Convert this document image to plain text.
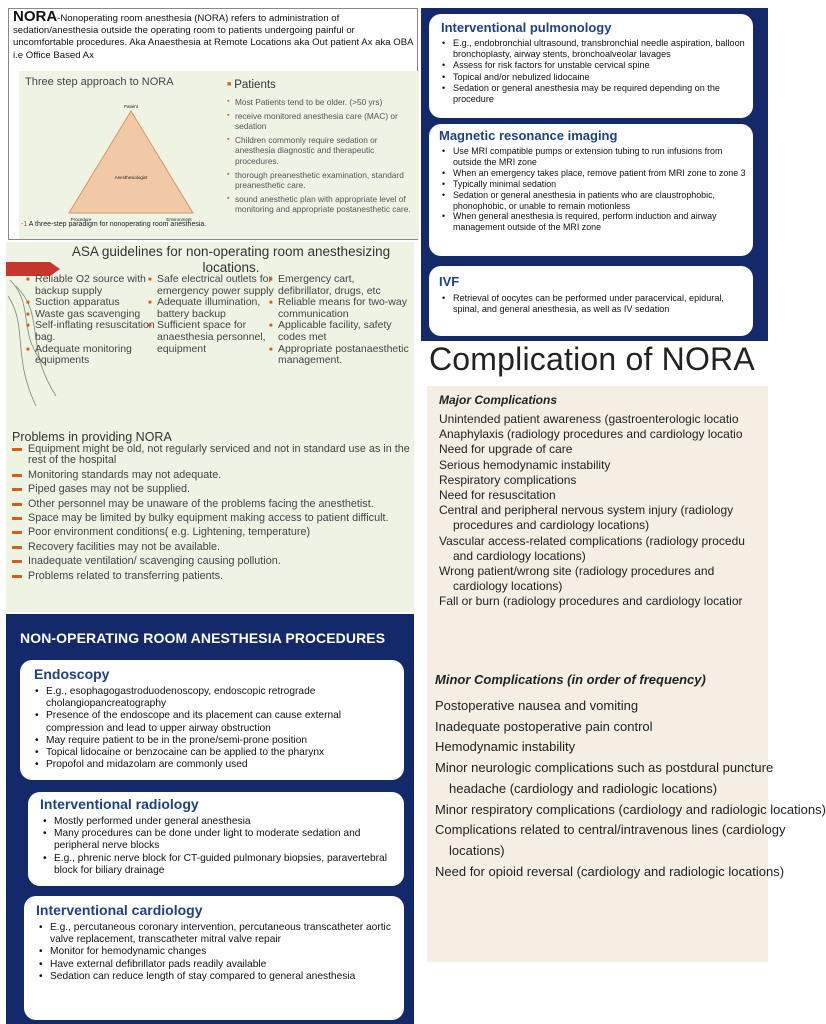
NORA-Nonoperating room anesthesia (NORA) refers to administration of sedation/anesthesia outside the operating room to patients undergoing painful or uncomfortable procedures. Aka Anaesthesia at Remote Locations aka Out patient Ax aka OBA i.e Office Based Ax
Three step approach to NORA
Patient
Anesthesiologist
Procedure	Environment
■ Patients
▪ Most Patients tend to be older. (>50 yrs)
▪ receive monitored anesthesia care (MAC) or sedation
▪ Children commonly require sedation or anesthesia diagnostic and therapeutic procedures.
▪ thorough preanesthetic examination, standard preanesthetic care.
▪ sound anesthetic plan with appropriate level of monitoring and appropriate postanesthetic care.
-1 A three-step paradigm for nonoperating room anesthesia.
ASA guidelines for non-operating room anesthesizing locations.
■ Reliable O2 source with backup supply
■ Suction apparatus
■ Waste gas scavenging
■ Self-inflating resuscitation bag.
■ Adequate monitoring equipments
■ Safe electrical outlets for emergency power supply
■ Adequate illumination, battery backup
■ Sufficient space for anaesthesia personnel, equipment
■ Emergency cart, defibrillator, drugs, etc
■ Reliable means for two-way communication
■ Applicable facility, safety codes met
■ Appropriate postanaesthetic management.
Problems in providing NORA
▬ Equipment might be old, not regularly serviced and not in standard use as in the rest of the hospital
▬ Monitoring standards may not adequate.
▬ Piped gases may not be supplied.
▬ Other personnel may be unaware of the problems facing the anesthetist.
▬ Space may be limited by bulky equipment making access to patient difficult.
▬ Poor environment conditions( e.g. Lightening, temperature)
▬ Recovery facilities may not be available.
▬ Inadequate ventilation/ scavenging causing pollution.
▬ Problems related to transferring patients.
NON-OPERATING ROOM ANESTHESIA PROCEDURES
Endoscopy
• E.g., esophagogastroduodenoscopy, endoscopic retrograde cholangiopancreatography
• Presence of the endoscope and its placement can cause external compression and lead to upper airway obstruction
• May require patient to be in the prone/semi-prone position
• Topical lidocaine or benzocaine can be applied to the pharynx
• Propofol and midazolam are commonly used
Interventional radiology
• Mostly performed under general anesthesia
• Many procedures can be done under light to moderate sedation and peripheral nerve blocks
• E.g., phrenic nerve block for CT-guided pulmonary biopsies, paravertebral block for biliary drainage
Interventional cardiology
• E.g., percutaneous coronary intervention, percutaneous transcatheter aortic valve replacement, transcatheter mitral valve repair
• Monitor for hemodynamic changes
• Have external defibrillator pads readily available
• Sedation can reduce length of stay compared to general anesthesia
Interventional pulmonology
• E.g., endobronchial ultrasound, transbronchial needle aspiration, balloon bronchoplasty, airway stents, bronchoalveolar lavages
• Assess for risk factors for unstable cervical spine
• Topical and/or nebulized lidocaine
• Sedation or general anesthesia may be required depending on the procedure
Magnetic resonance imaging
• Use MRI compatible pumps or extension tubing to run infusions from outside the MRI zone
• When an emergency takes place, remove patient from MRI zone to zone 3
• Typically minimal sedation
• Sedation or general anesthesia in patients who are claustrophobic, phonophobic, or unable to remain motionless
• When general anesthesia is required, perform induction and airway management outside of the MRI zone
IVF
• Retrieval of oocytes can be performed under paracervical, epidural, spinal, and general anesthesia, as well as IV sedation
Complication of NORA
Major Complications
Unintended patient awareness (gastroenterologic locatio
Anaphylaxis (radiology procedures and cardiology locatio
Need for upgrade of care
Serious hemodynamic instability
Respiratory complications
Need for resuscitation
Central and peripheral nervous system injury (radiology
procedures and cardiology locations)
Vascular access-related complications (radiology procedu
and cardiology locations)
Wrong patient/wrong site (radiology procedures and
cardiology locations)
Fall or burn (radiology procedures and cardiology locatior
Minor Complications (in order of frequency)
Postoperative nausea and vomiting
Inadequate postoperative pain control
Hemodynamic instability
Minor neurologic complications such as postdural puncture
headache (cardiology and radiologic locations)
Minor respiratory complications (cardiology and radiologic locations)
Complications related to central/intravenous lines (cardiology
locations)
Need for opioid reversal (cardiology and radiologic locations)
